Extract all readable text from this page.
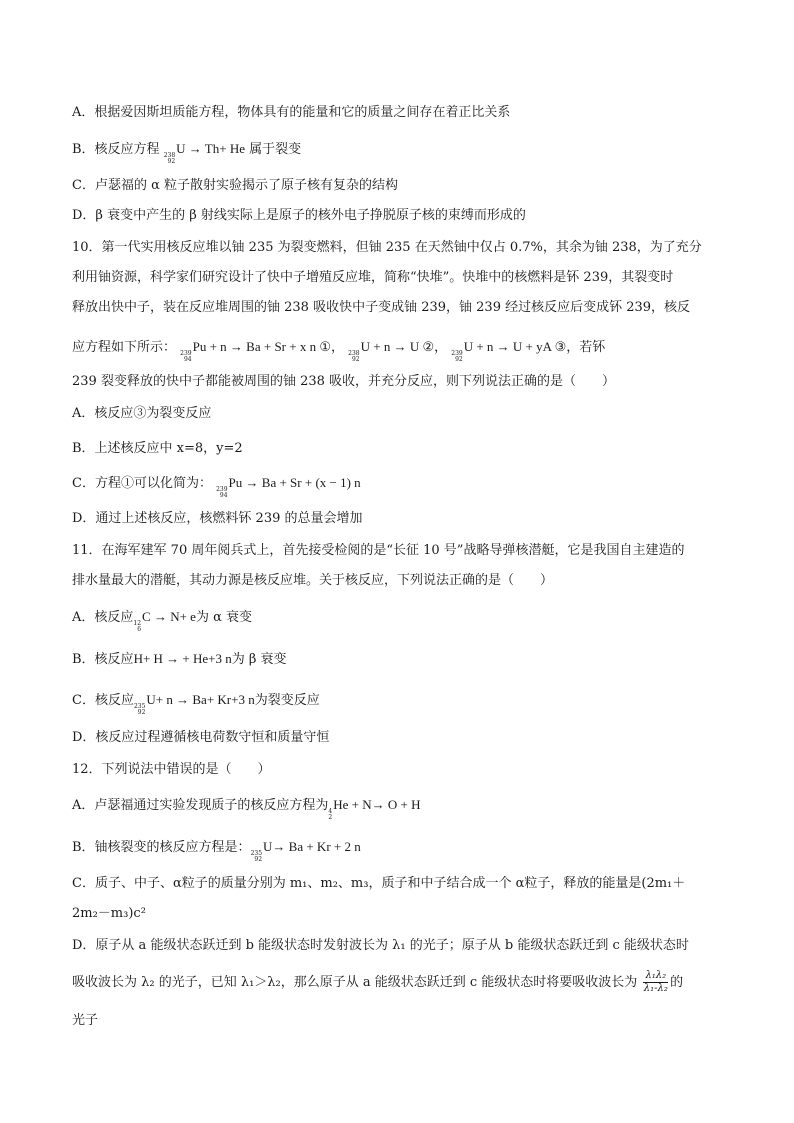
A．根据爱因斯坦质能方程，物体具有的能量和它的质量之间存在着正比关系
B．核反应方程 238
92
U → Th+ He 属于裂变
C．卢瑟福的 α 粒子散射实验揭示了原子核有复杂的结构
D．β 衰变中产生的 β 射线实际上是原子的核外电子挣脱原子核的束缚而形成的
10．第一代实用核反应堆以铀 235 为裂变燃料，但铀 235 在天然铀中仅占 0.7%，其余为铀 238，为了充分
利用铀资源，科学家们研究设计了快中子增殖反应堆，简称“快堆”。快堆中的核燃料是钚 239，其裂变时
释放出快中子，装在反应堆周围的铀 238 吸收快中子变成铀 239，铀 239 经过核反应后变成钚 239，核反
应方程如下所示： 239
94
Pu + n → Ba + Sr + x n ①， 238
92
U + n → U ②， 239
92
U + n → U + yA ③，若钚
239 裂变释放的快中子都能被周围的铀 238 吸收，并充分反应，则下列说法正确的是（　　）
A．核反应③为裂变反应
B．上述核反应中 x=8，y=2
C．方程①可以化简为： 239
94
Pu → Ba + Sr + (x − 1) n
D．通过上述核反应，核燃料钚 239 的总量会增加
11．在海军建军 70 周年阅兵式上，首先接受检阅的是“长征 10 号”战略导弹核潜艇，它是我国自主建造的
排水量最大的潜艇，其动力源是核反应堆。关于核反应，下列说法正确的是（　　）
A．核反应 12
6
C → N+ e为 α 衰变
B．核反应H+ H → + He+3 n为 β 衰变
C．核反应 235
92
U+ n → Ba+ Kr+3 n为裂变反应
D．核反应过程遵循核电荷数守恒和质量守恒
12．下列说法中错误的是（　　）
A．卢瑟福通过实验发现质子的核反应方程为 4
2
He + N→ O + H
B．铀核裂变的核反应方程是： 235
92
U→ Ba + Kr + 2 n
C．质子、中子、α粒子的质量分别为 m₁、m₂、m₃，质子和中子结合成一个 α粒子，释放的能量是(2m₁＋
2m₂－m₃)c²
D．原子从 a 能级状态跃迁到 b 能级状态时发射波长为 λ₁ 的光子；原子从 b 能级状态跃迁到 c 能级状态时
吸收波长为 λ₂ 的光子，已知 λ₁＞λ₂，那么原子从 a 能级状态跃迁到 c 能级状态时将要吸收波长为 $\frac{\text{λ₁λ₂}}{\text{λ₁-λ₂}}$ 的
光子
